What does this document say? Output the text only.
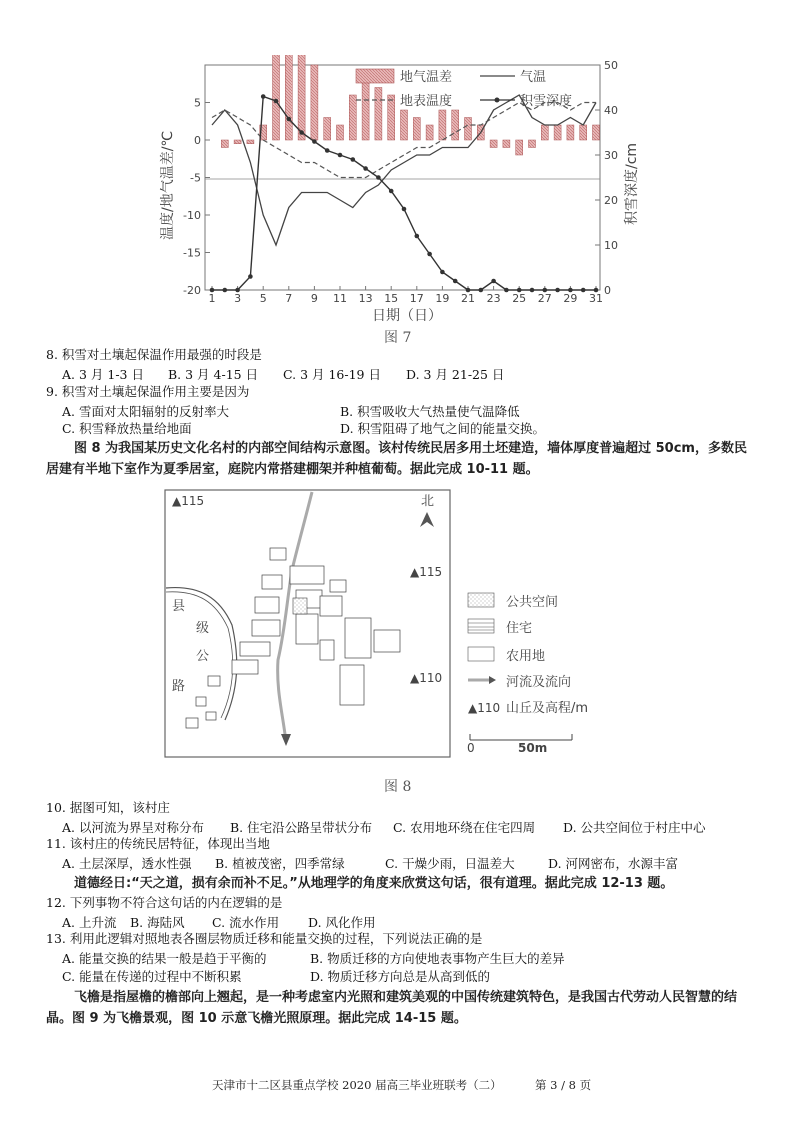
5
0
-5
-10
-15
-20
50
40
30
20
10
0
1 3 5 7 9 11 13 15 17 19 21 23 25 27 29 31
温度/地气温差/℃	积雪深度/cm
日期（日）
地气温差	气温
地表温度	积雪深度
图 7
8. 积雪对土壤起保温作用最强的时段是
A. 3 月 1-3 日 B. 3 月 4-15 日 C. 3 月 16-19 日 D. 3 月 21-25 日
9. 积雪对土壤起保温作用主要是因为
A. 雪面对太阳辐射的反射率大	B. 积雪吸收大气热量使气温降低
C. 积雪释放热量给地面	D. 积雪阻碍了地气之间的能量交换。
图 8 为我国某历史文化名村的内部空间结构示意图。该村传统民居多用土坯建造，墙体厚度普遍超过 50cm，多数民居建有半地下室作为夏季居室，庭院内常搭建棚架并种植葡萄。据此完成 10-11 题。
县
级
公
路
▲115
▲115
▲110
北
公共空间
住宅
农用地
河流及流向
▲110 山丘及高程/m
0	50m
图 8
10. 据图可知，该村庄
A. 以河流为界呈对称分布 B. 住宅沿公路呈带状分布 C. 农用地环绕在住宅四周 D. 公共空间位于村庄中心
11. 该村庄的传统民居特征，体现出当地
A. 土层深厚，透水性强 B. 植被茂密，四季常绿	C. 干燥少雨，日温差大	D. 河网密布，水源丰富
道德经日:“天之道，损有余而补不足。”从地理学的角度来欣赏这句话，很有道理。据此完成 12-13 题。
12. 下列事物不符合这句话的内在逻辑的是
A. 上升流 B. 海陆风 C. 流水作用 D. 风化作用
13. 利用此逻辑对照地表各圈层物质迁移和能量交换的过程，下列说法正确的是
A. 能量交换的结果一般是趋于平衡的	B. 物质迁移的方向使地表事物产生巨大的差异
C. 能量在传递的过程中不断积累	D. 物质迁移方向总是从高到低的
飞檐是指屋檐的檐部向上翘起，是一种考虑室内光照和建筑美观的中国传统建筑特色，是我国古代劳动人民智慧的结晶。图 9 为飞檐景观，图 10 示意飞檐光照原理。据此完成 14-15 题。
天津市十二区县重点学校 2020 届高三毕业班联考（二）	第 3 / 8 页
